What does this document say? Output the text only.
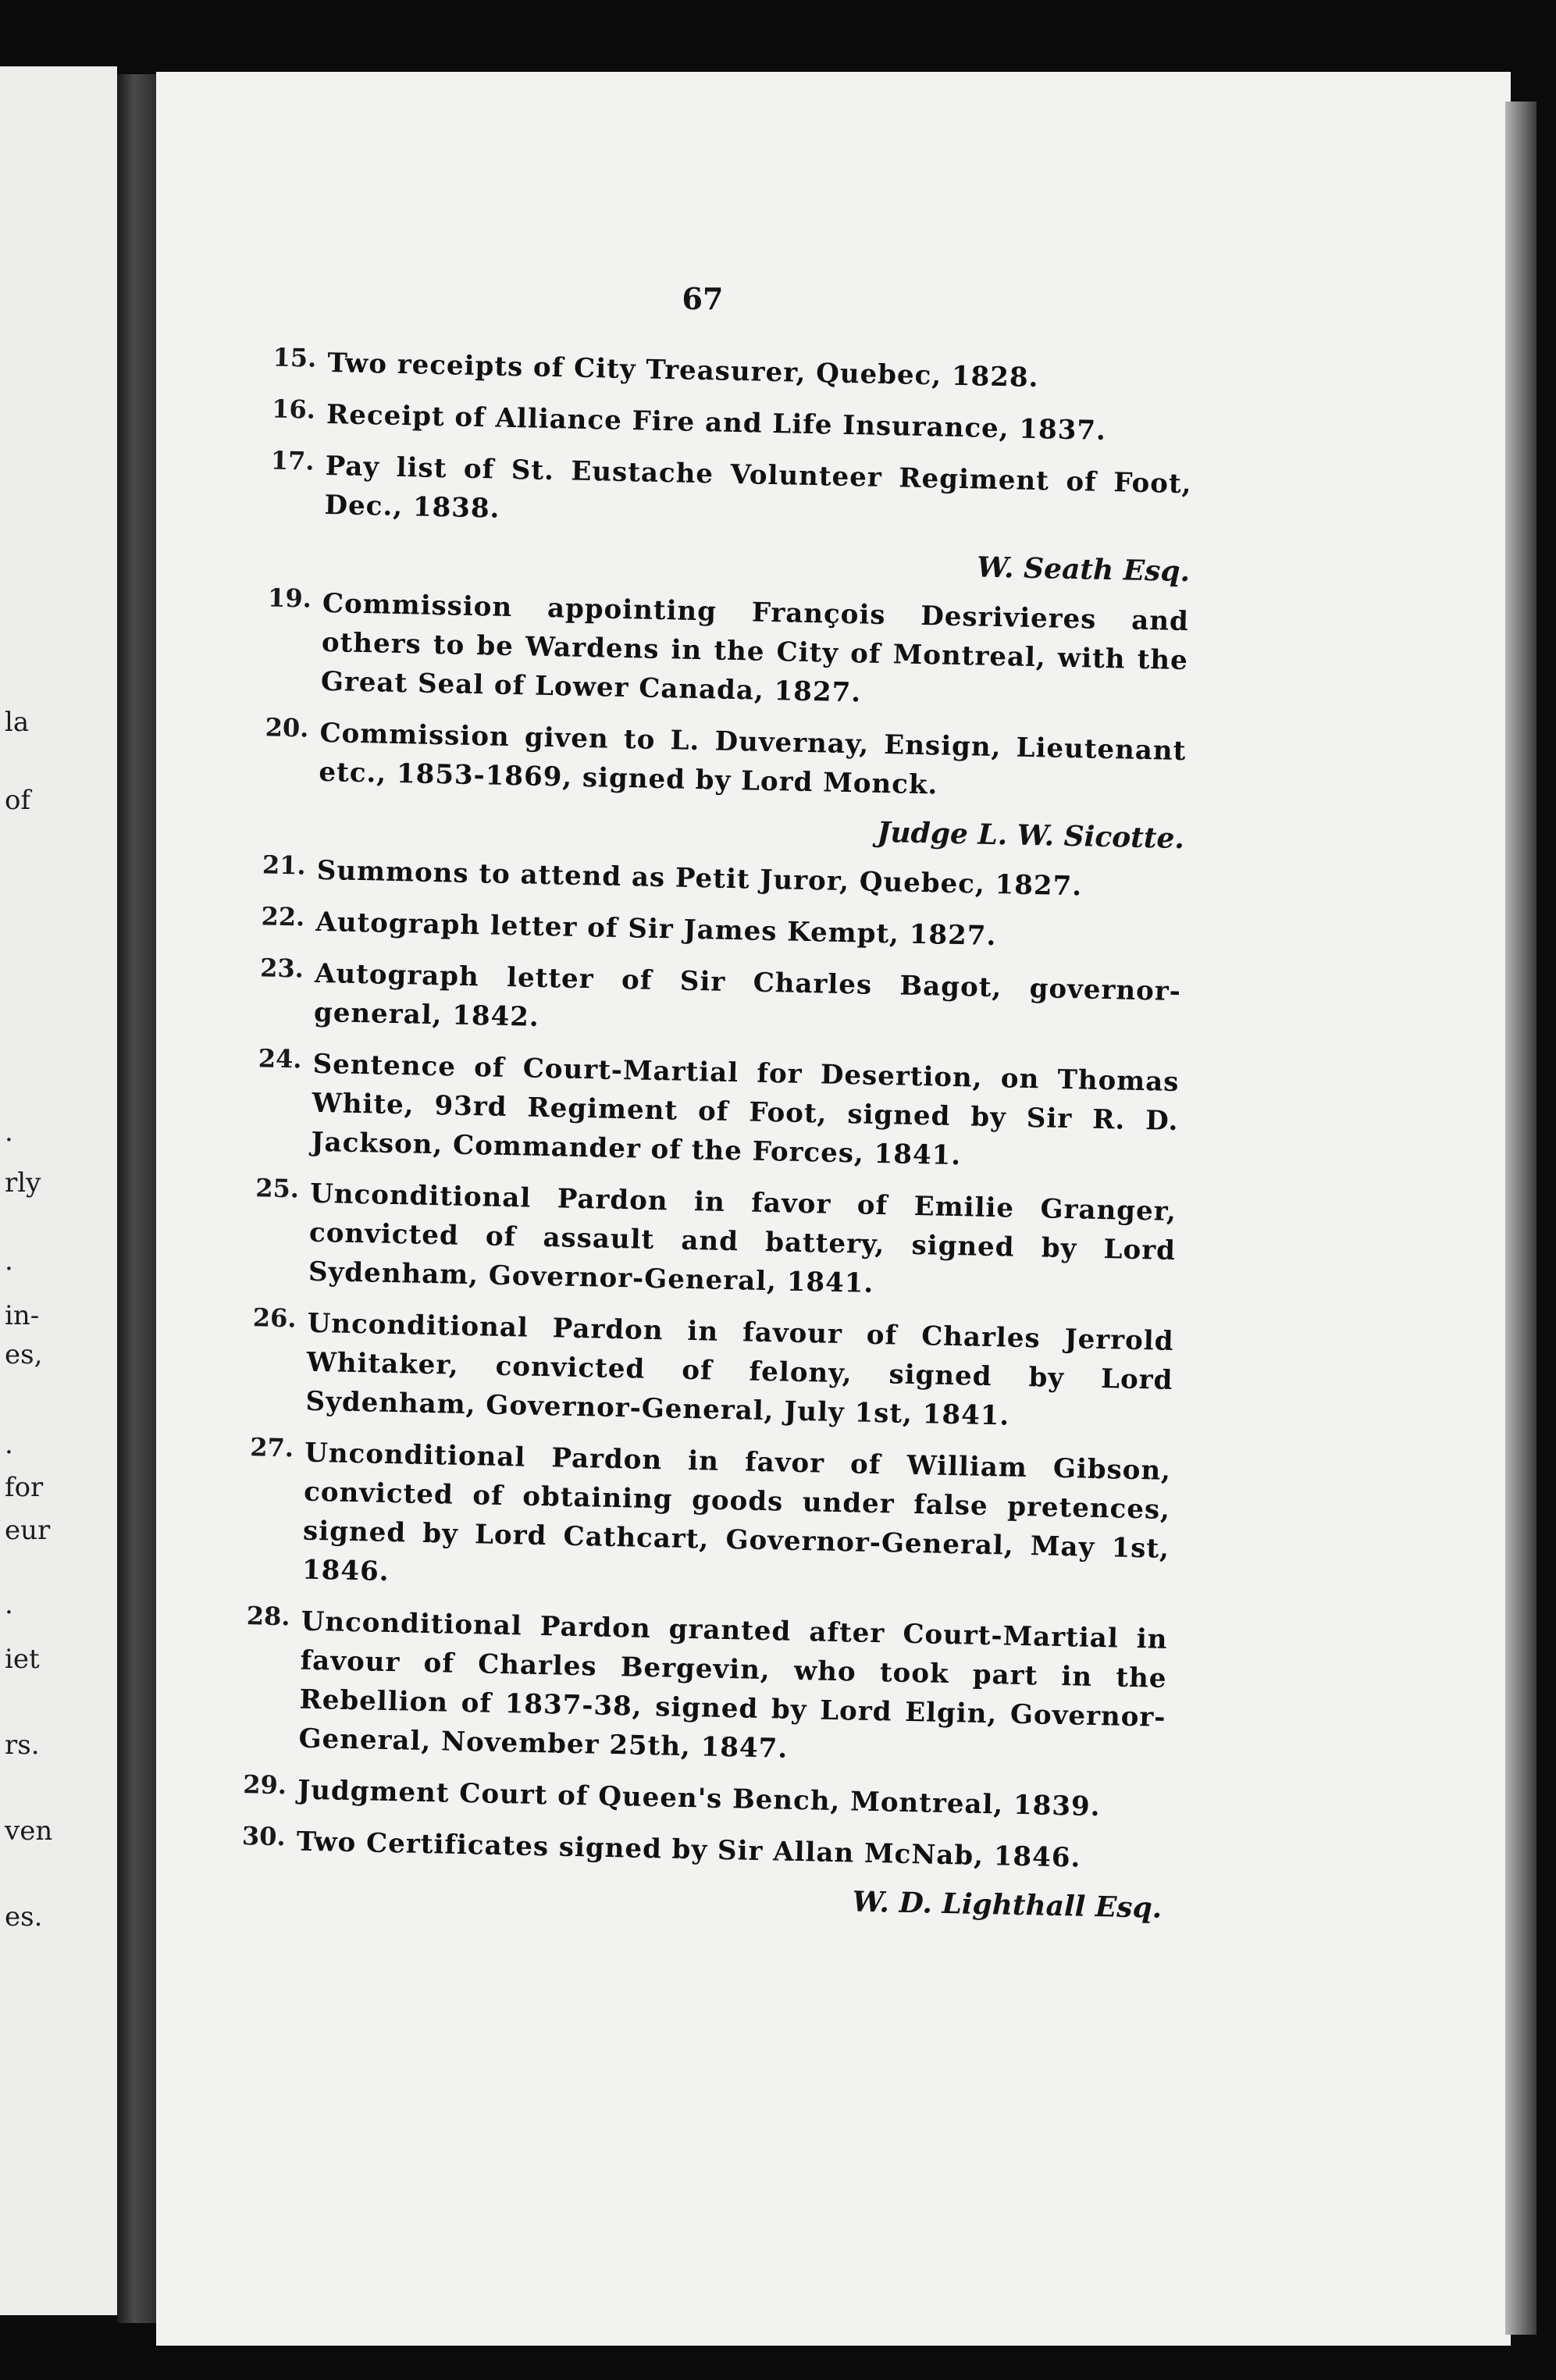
la

of

.

rly

.

in-

es,

.

for

eur

.

iet

rs.

ven

es.

67

15. Two receipts of City Treasurer, Quebec, 1828.

16. Receipt of Alliance Fire and Life Insurance, 1837.

17. Pay list of St. Eustache Volunteer Regiment of Foot, Dec., 1838.

W. Seath Esq.

19. Commission appointing François Desrivieres and others to be Wardens in the City of Montreal, with the Great Seal of Lower Canada, 1827.

20. Commission given to L. Duvernay, Ensign, Lieutenant etc., 1853-1869, signed by Lord Monck.

Judge L. W. Sicotte.

21. Summons to attend as Petit Juror, Quebec, 1827.

22. Autograph letter of Sir James Kempt, 1827.

23. Autograph letter of Sir Charles Bagot, governor-general, 1842.

24. Sentence of Court-Martial for Desertion, on Thomas White, 93rd Regiment of Foot, signed by Sir R. D. Jackson, Commander of the Forces, 1841.

25. Unconditional Pardon in favor of Emilie Granger, convicted of assault and battery, signed by Lord Sydenham, Governor-General, 1841.

26. Unconditional Pardon in favour of Charles Jerrold Whitaker, convicted of felony, signed by Lord Sydenham, Governor-General, July 1st, 1841.

27. Unconditional Pardon in favor of William Gibson, convicted of obtaining goods under false pretences, signed by Lord Cathcart, Governor-General, May 1st, 1846.

28. Unconditional Pardon granted after Court-Martial in favour of Charles Bergevin, who took part in the Rebellion of 1837-38, signed by Lord Elgin, Governor-General, November 25th, 1847.

29. Judgment Court of Queen's Bench, Montreal, 1839.

30. Two Certificates signed by Sir Allan McNab, 1846.

W. D. Lighthall Esq.
